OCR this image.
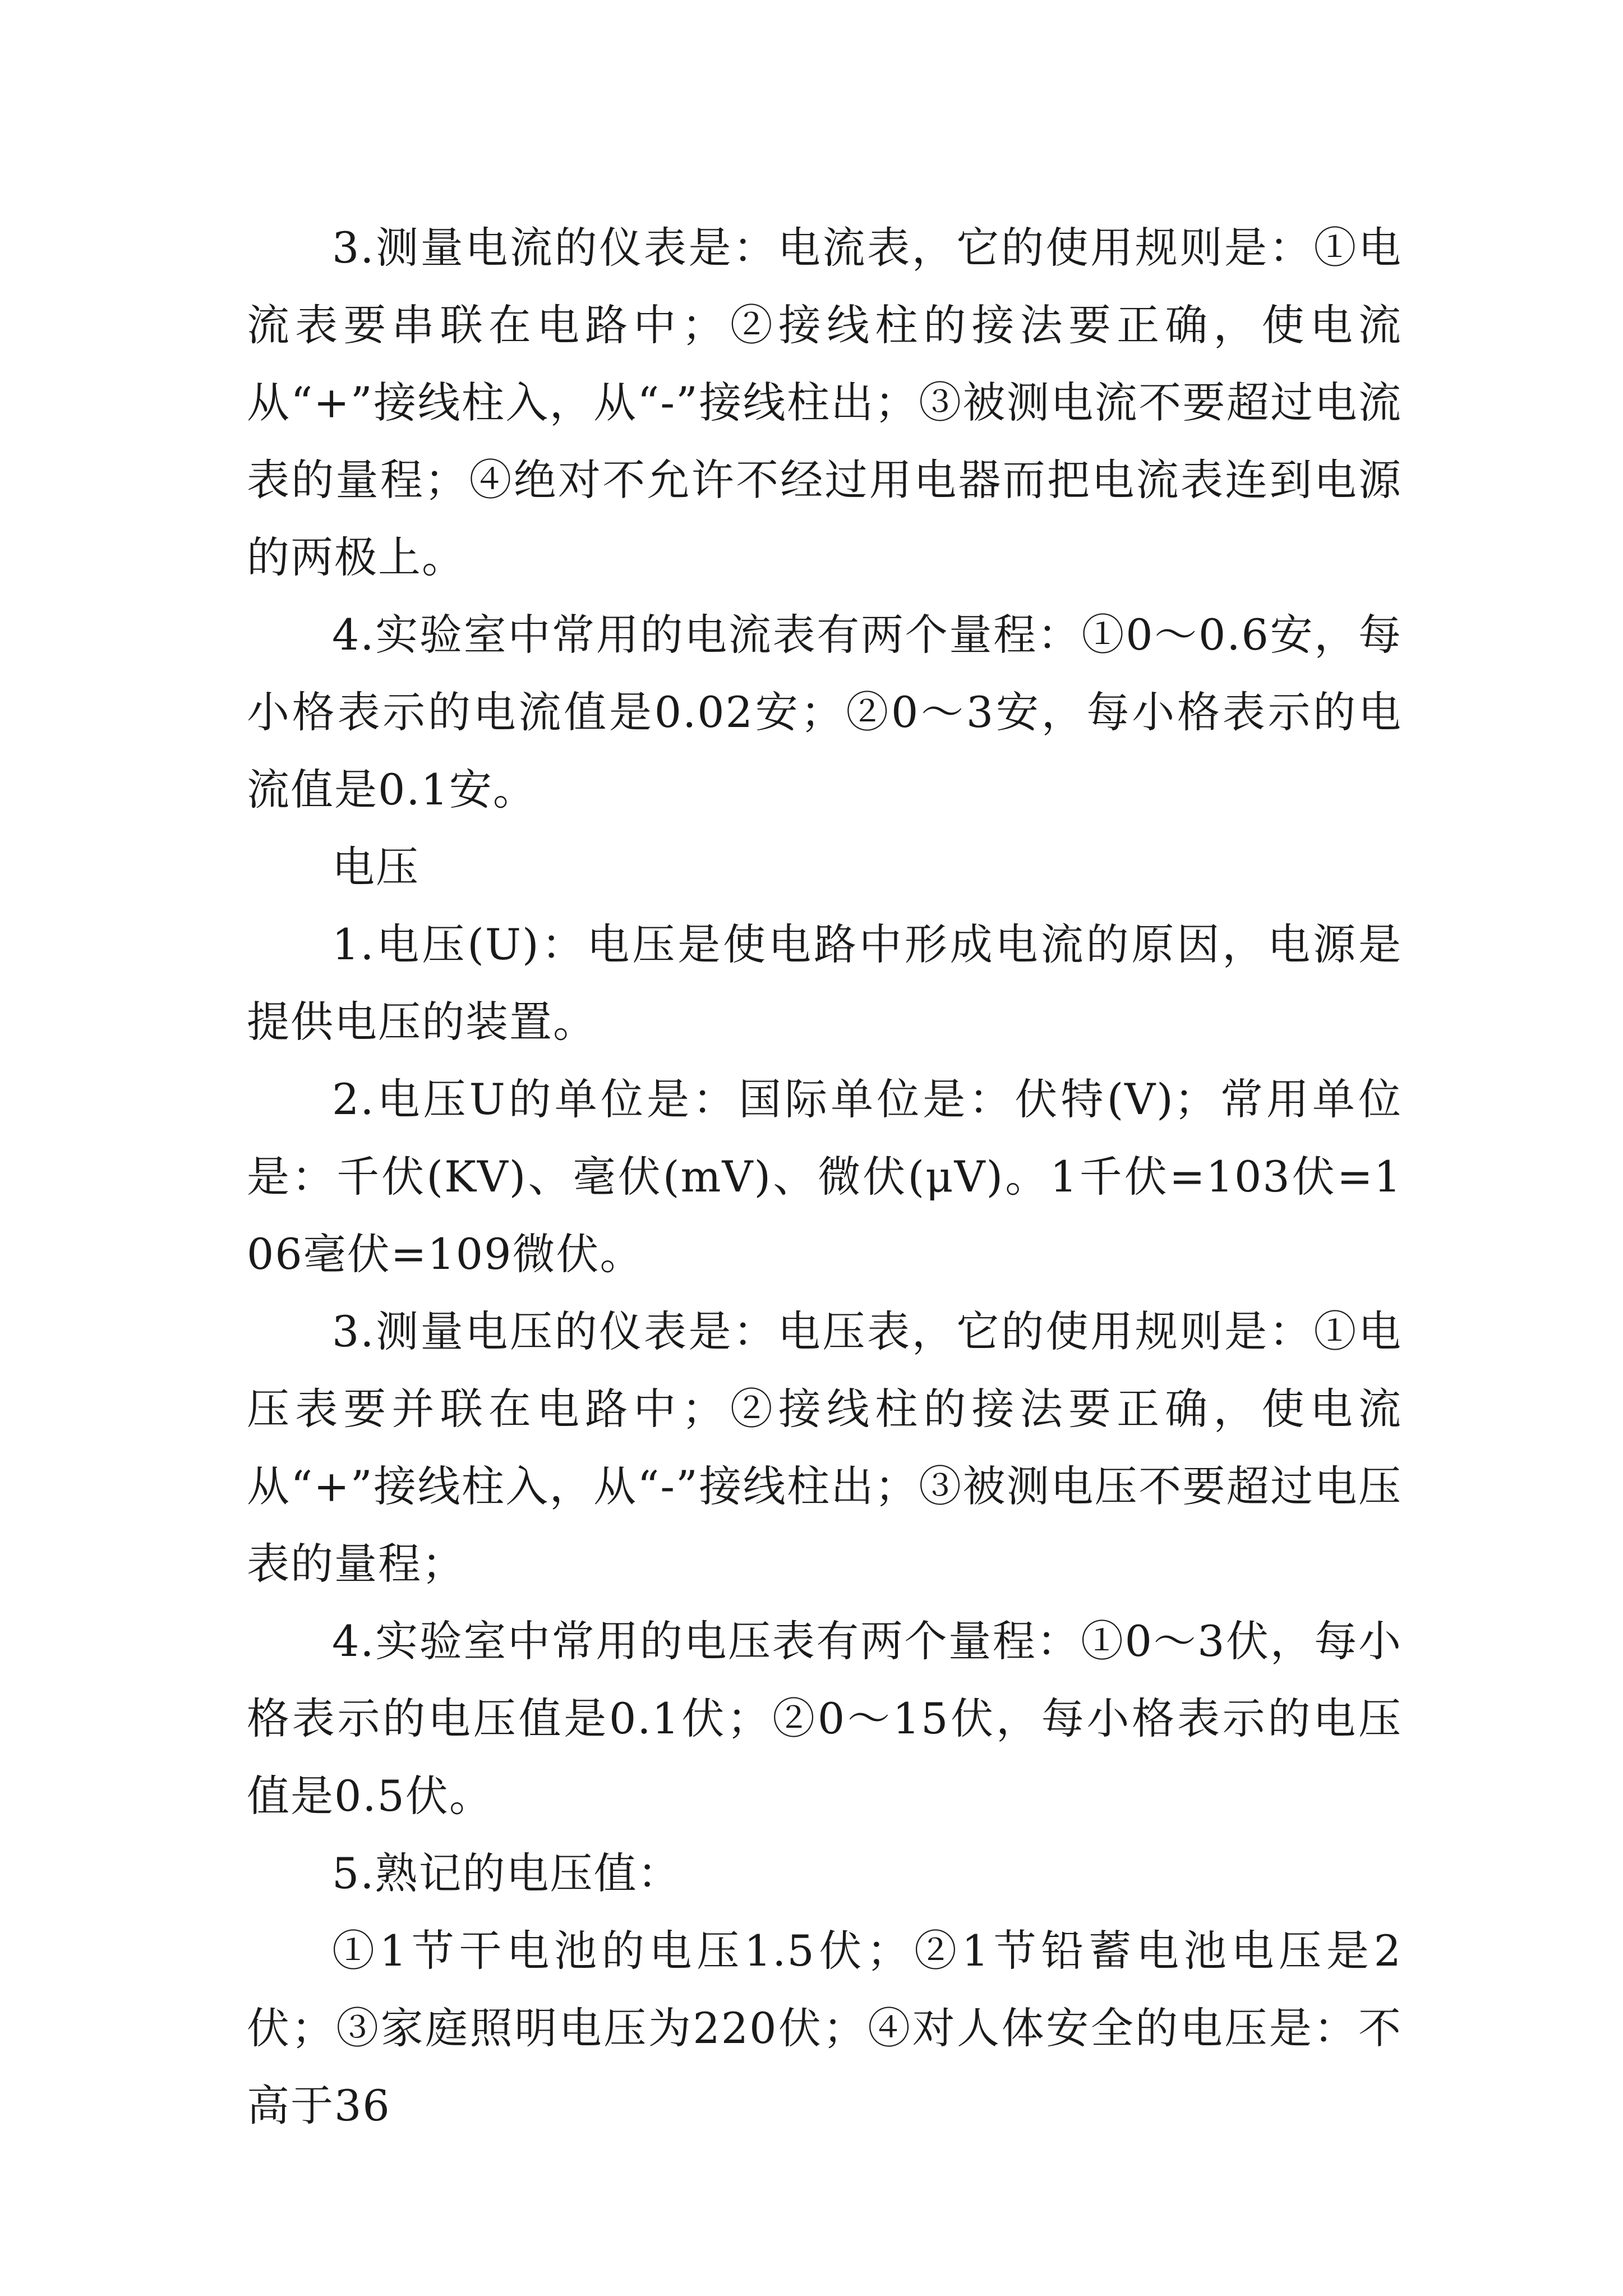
3.测量电流的仪表是：电流表，它的使用规则是：①电流表要串联在电路中；②接线柱的接法要正确，使电流从“+”接线柱入，从“-”接线柱出；③被测电流不要超过电流表的量程；④绝对不允许不经过用电器而把电流表连到电源的两极上。

4.实验室中常用的电流表有两个量程：①0～0.6安，每小格表示的电流值是0.02安；②0～3安，每小格表示的电流值是0.1安。

电压

1.电压(U)：电压是使电路中形成电流的原因，电源是提供电压的装置。

2.电压U的单位是：国际单位是：伏特(V)；常用单位是：千伏(KV)、毫伏(mV)、微伏(μV)。1千伏=103伏=106毫伏=109微伏。

3.测量电压的仪表是：电压表，它的使用规则是：①电压表要并联在电路中；②接线柱的接法要正确，使电流从“+”接线柱入，从“-”接线柱出；③被测电压不要超过电压表的量程；

4.实验室中常用的电压表有两个量程：①0～3伏，每小格表示的电压值是0.1伏；②0～15伏，每小格表示的电压值是0.5伏。

5.熟记的电压值：

①1节干电池的电压1.5伏；②1节铅蓄电池电压是2伏；③家庭照明电压为220伏；④对人体安全的电压是：不高于36
